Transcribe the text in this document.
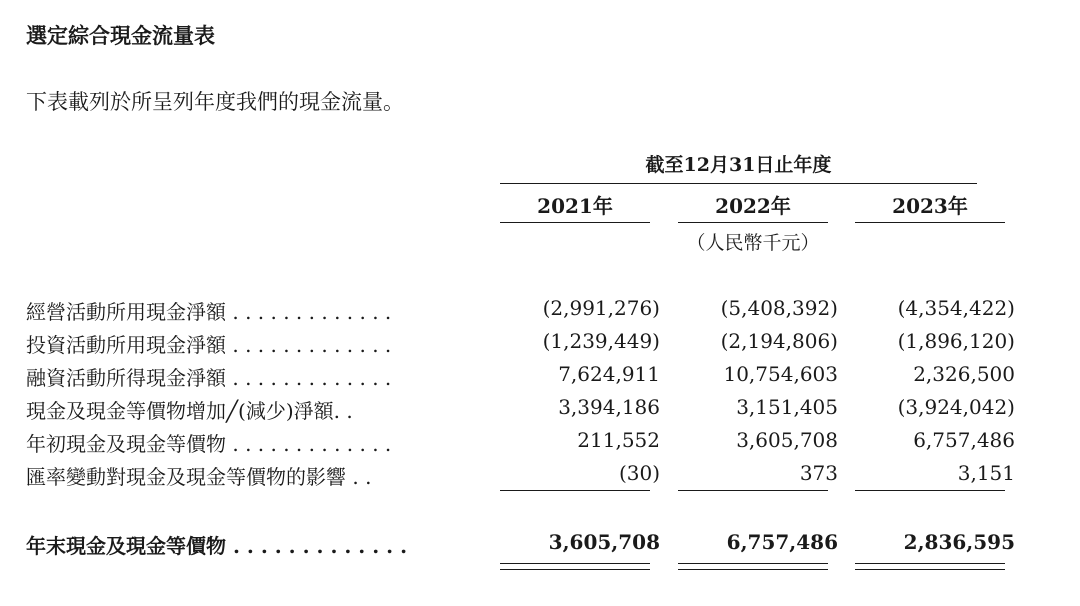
選定綜合現金流量表
下表載列於所呈列年度我們的現金流量。
截至12月31日止年度
2021年	2022年	2023年
（人民幣千元）
經營活動所用現金淨額 . . . . . . . . . . . . .	(2,991,276)	(5,408,392)	(4,354,422)
投資活動所用現金淨額 . . . . . . . . . . . . .	(1,239,449)	(2,194,806)	(1,896,120)
融資活動所得現金淨額 . . . . . . . . . . . . .	7,624,911	10,754,603	2,326,500
現金及現金等價物增加╱(減少)淨額. .	3,394,186	3,151,405	(3,924,042)
年初現金及現金等價物 . . . . . . . . . . . . .	211,552	3,605,708	6,757,486
匯率變動對現金及現金等價物的影響 . .	(30)	373	3,151
年末現金及現金等價物 . . . . . . . . . . . . .	3,605,708	6,757,486	2,836,595
